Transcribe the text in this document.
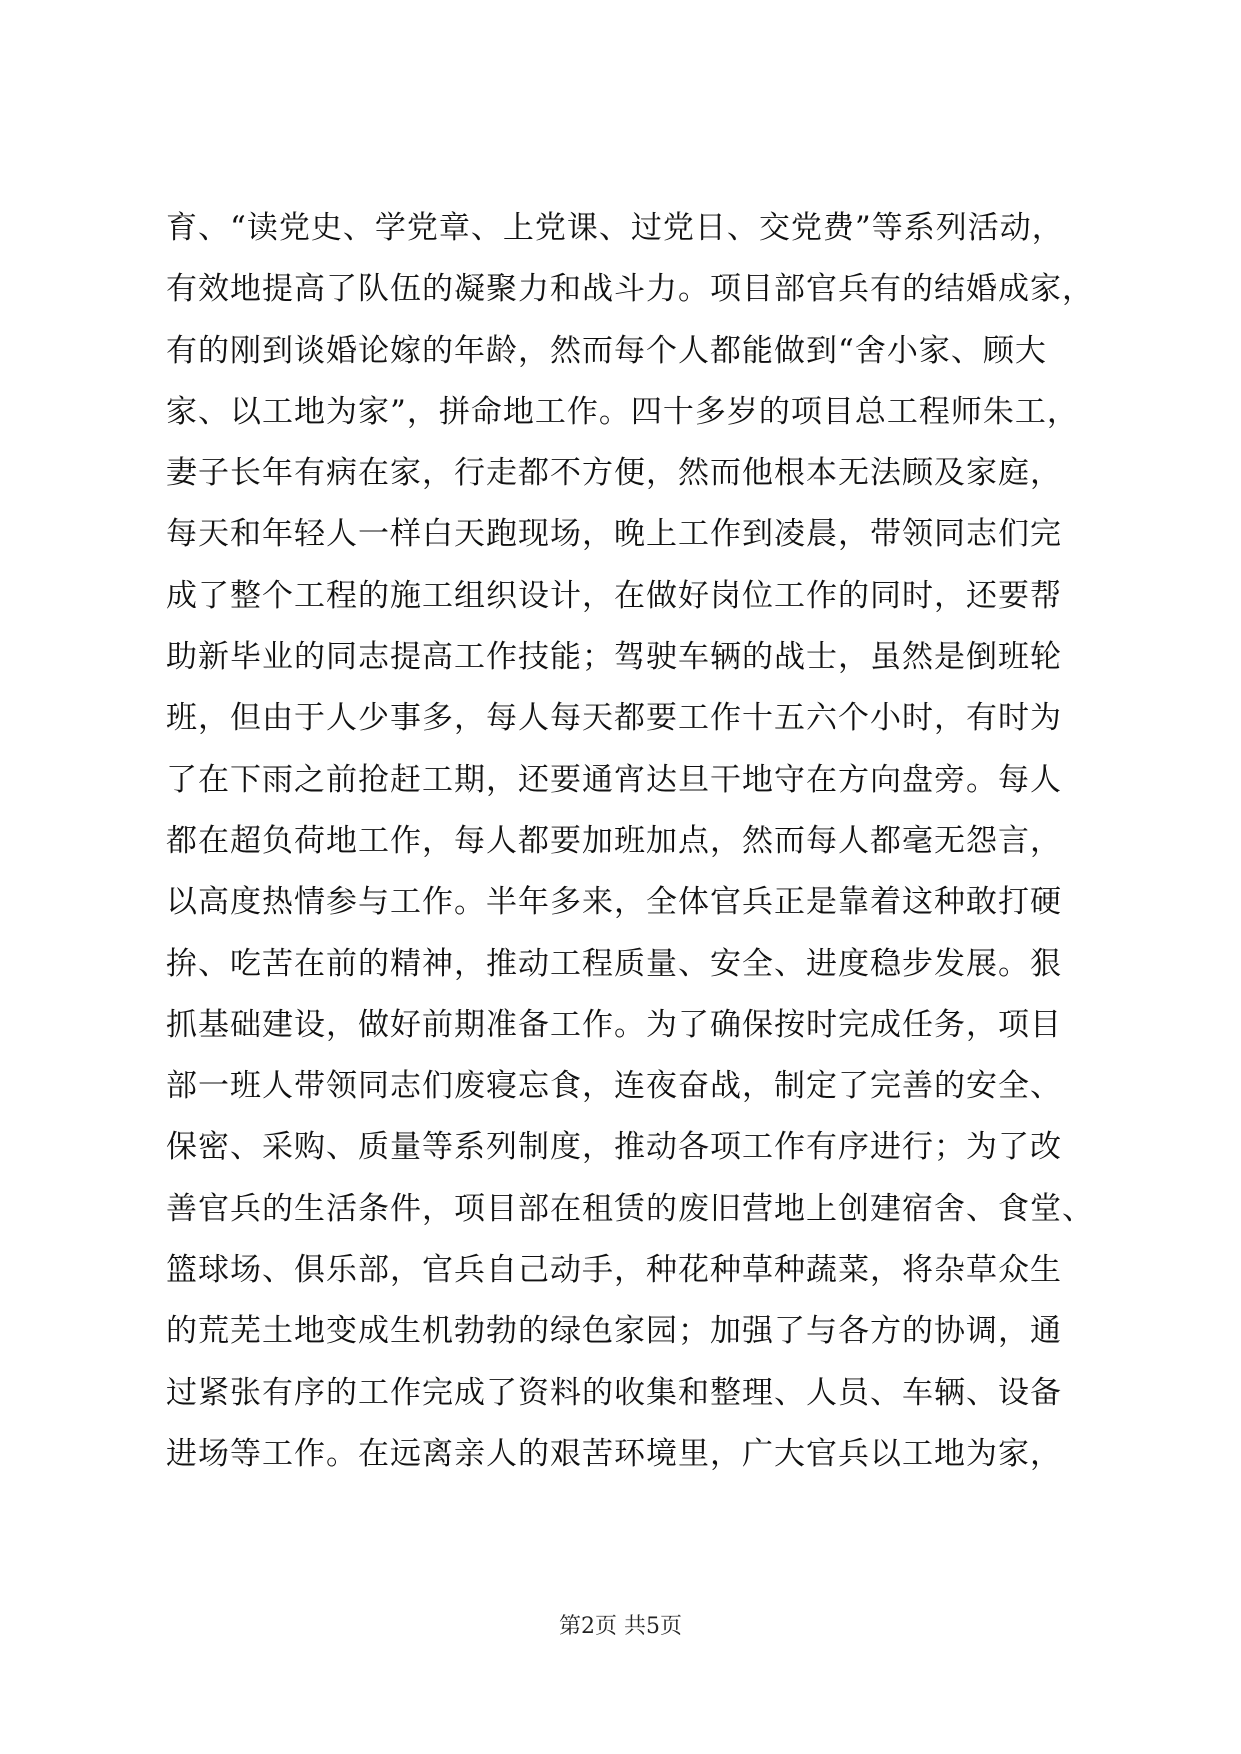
育、“读党史、学党章、上党课、过党日、交党费”等系列活动，
有效地提高了队伍的凝聚力和战斗力。项目部官兵有的结婚成家，
有的刚到谈婚论嫁的年龄，然而每个人都能做到“舍小家、顾大
家、以工地为家”，拼命地工作。四十多岁的项目总工程师朱工，
妻子长年有病在家，行走都不方便，然而他根本无法顾及家庭，
每天和年轻人一样白天跑现场，晚上工作到凌晨，带领同志们完
成了整个工程的施工组织设计，在做好岗位工作的同时，还要帮
助新毕业的同志提高工作技能；驾驶车辆的战士，虽然是倒班轮
班，但由于人少事多，每人每天都要工作十五六个小时，有时为
了在下雨之前抢赶工期，还要通宵达旦干地守在方向盘旁。每人
都在超负荷地工作，每人都要加班加点，然而每人都毫无怨言，
以高度热情参与工作。半年多来，全体官兵正是靠着这种敢打硬
拚、吃苦在前的精神，推动工程质量、安全、进度稳步发展。狠
抓基础建设，做好前期准备工作。为了确保按时完成任务，项目
部一班人带领同志们废寝忘食，连夜奋战，制定了完善的安全、
保密、采购、质量等系列制度，推动各项工作有序进行；为了改
善官兵的生活条件，项目部在租赁的废旧营地上创建宿舍、食堂、
篮球场、俱乐部，官兵自己动手，种花种草种蔬菜，将杂草众生
的荒芜土地变成生机勃勃的绿色家园；加强了与各方的协调，通
过紧张有序的工作完成了资料的收集和整理、人员、车辆、设备
进场等工作。在远离亲人的艰苦环境里，广大官兵以工地为家，
第2页 共5页
